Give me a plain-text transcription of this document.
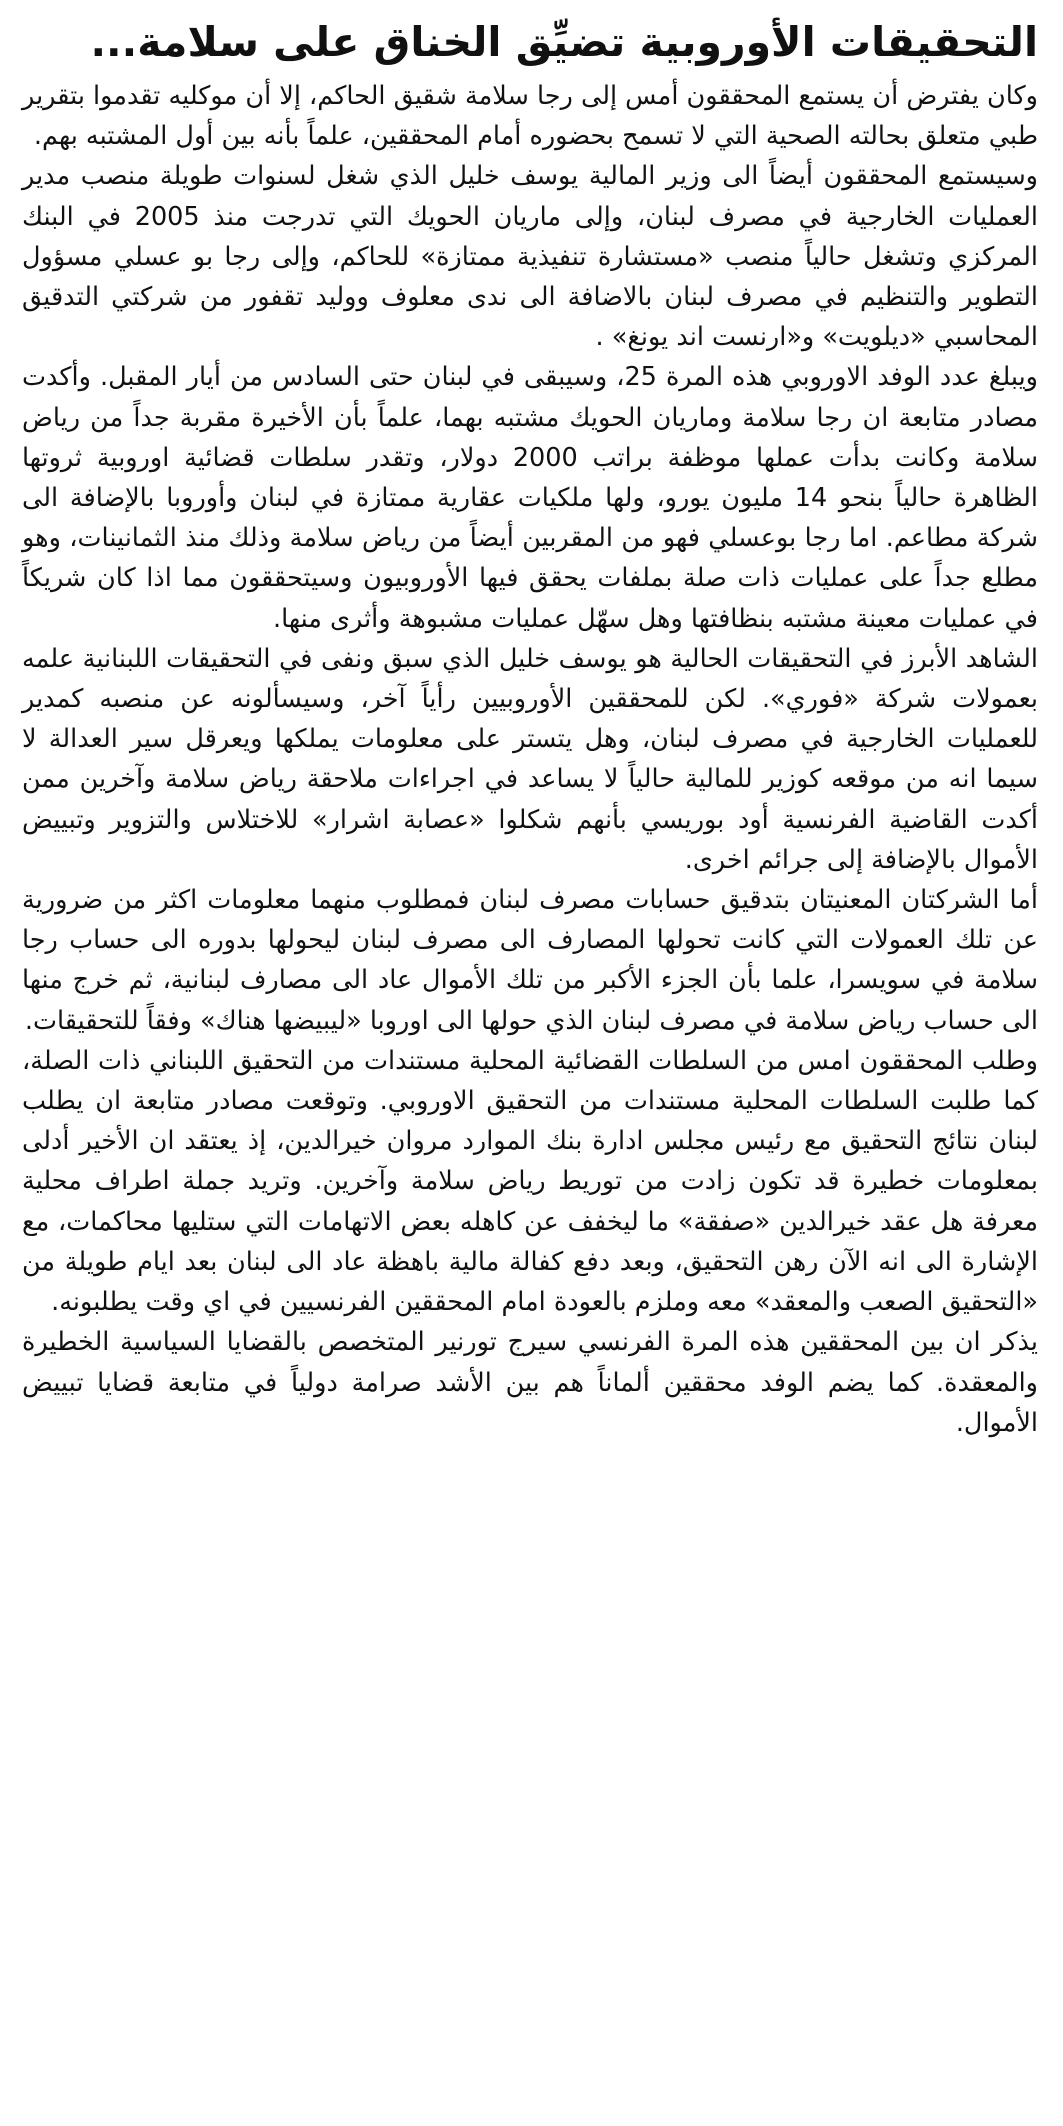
التحقيقات الأوروبية تضيِّق الخناق على سلامة...

وكان يفترض أن يستمع المحققون أمس إلى رجا سلامة شقيق الحاكم، إلا أن موكليه تقدموا بتقرير طبي متعلق بحالته الصحية التي لا تسمح بحضوره أمام المحققين، علماً بأنه بين أول المشتبه بهم.

وسيستمع المحققون أيضاً الى وزير المالية يوسف خليل الذي شغل لسنوات طويلة منصب مدير العمليات الخارجية في مصرف لبنان، وإلى ماريان الحويك التي تدرجت منذ 2005 في البنك المركزي وتشغل حالياً منصب «مستشارة تنفيذية ممتازة» للحاكم، وإلى رجا بو عسلي مسؤول التطوير والتنظيم في مصرف لبنان بالاضافة الى ندى معلوف ووليد تقفور من شركتي التدقيق المحاسبي «ديلويت» و«ارنست اند يونغ» .

ويبلغ عدد الوفد الاوروبي هذه المرة 25، وسيبقى في لبنان حتى السادس من أيار المقبل. وأكدت مصادر متابعة ان رجا سلامة وماريان الحويك مشتبه بهما، علماً بأن الأخيرة مقربة جداً من رياض سلامة وكانت بدأت عملها موظفة براتب 2000 دولار، وتقدر سلطات قضائية اوروبية ثروتها الظاهرة حالياً بنحو 14 مليون يورو، ولها ملكيات عقارية ممتازة في لبنان وأوروبا بالإضافة الى شركة مطاعم. اما رجا بوعسلي فهو من المقربين أيضاً من رياض سلامة وذلك منذ الثمانينات، وهو مطلع جداً على عمليات ذات صلة بملفات يحقق فيها الأوروبيون وسيتحققون مما اذا كان شريكاً في عمليات معينة مشتبه بنظافتها وهل سهّل عمليات مشبوهة وأثرى منها.

الشاهد الأبرز في التحقيقات الحالية هو يوسف خليل الذي سبق ونفى في التحقيقات اللبنانية علمه بعمولات شركة «فوري». لكن للمحققين الأوروبيين رأياً آخر، وسيسألونه عن منصبه كمدير للعمليات الخارجية في مصرف لبنان، وهل يتستر على معلومات يملكها ويعرقل سير العدالة لا سيما انه من موقعه كوزير للمالية حالياً لا يساعد في اجراءات ملاحقة رياض سلامة وآخرين ممن أكدت القاضية الفرنسية أود بوريسي بأنهم شكلوا «عصابة اشرار» للاختلاس والتزوير وتبييض الأموال بالإضافة إلى جرائم اخرى.

أما الشركتان المعنيتان بتدقيق حسابات مصرف لبنان فمطلوب منهما معلومات اكثر من ضرورية عن تلك العمولات التي كانت تحولها المصارف الى مصرف لبنان ليحولها بدوره الى حساب رجا سلامة في سويسرا، علما بأن الجزء الأكبر من تلك الأموال عاد الى مصارف لبنانية، ثم خرج منها الى حساب رياض سلامة في مصرف لبنان الذي حولها الى اوروبا «ليبيضها هناك» وفقاً للتحقيقات.

وطلب المحققون امس من السلطات القضائية المحلية مستندات من التحقيق اللبناني ذات الصلة، كما طلبت السلطات المحلية مستندات من التحقيق الاوروبي. وتوقعت مصادر متابعة ان يطلب لبنان نتائج التحقيق مع رئيس مجلس ادارة بنك الموارد مروان خيرالدين، إذ يعتقد ان الأخير أدلى بمعلومات خطيرة قد تكون زادت من توريط رياض سلامة وآخرين. وتريد جملة اطراف محلية معرفة هل عقد خيرالدين «صفقة» ما ليخفف عن كاهله بعض الاتهامات التي ستليها محاكمات، مع الإشارة الى انه الآن رهن التحقيق، وبعد دفع كفالة مالية باهظة عاد الى لبنان بعد ايام طويلة من «التحقيق الصعب والمعقد» معه وملزم بالعودة امام المحققين الفرنسيين في اي وقت يطلبونه.

يذكر ان بين المحققين هذه المرة الفرنسي سيرج تورنير المتخصص بالقضايا السياسية الخطيرة والمعقدة. كما يضم الوفد محققين ألماناً هم بين الأشد صرامة دولياً في متابعة قضايا تبييض الأموال.
